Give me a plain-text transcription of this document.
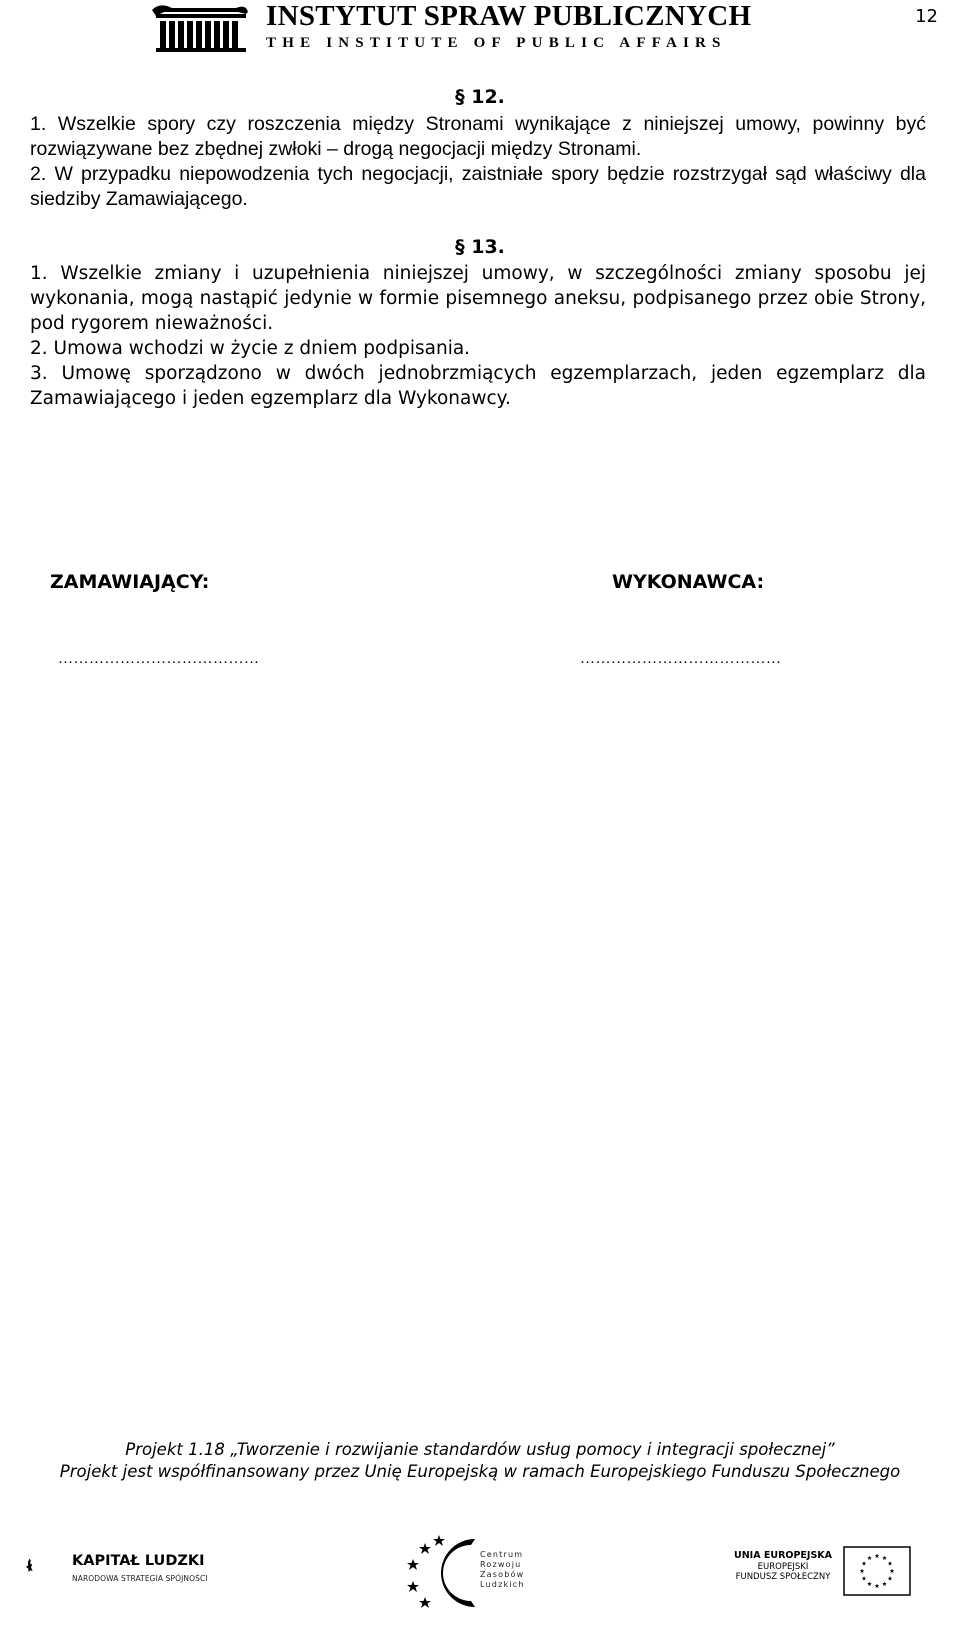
INSTYTUT SPRAW PUBLICZNYCH
THE INSTITUTE OF PUBLIC AFFAIRS
12
§ 12.
1. Wszelkie spory czy roszczenia między Stronami wynikające z niniejszej umowy, powinny być rozwiązywane bez zbędnej zwłoki – drogą negocjacji między Stronami.
2. W przypadku niepowodzenia tych negocjacji, zaistniałe spory będzie rozstrzygał sąd właściwy dla siedziby Zamawiającego.
§ 13.
1. Wszelkie zmiany i uzupełnienia niniejszej umowy, w szczególności zmiany sposobu jej wykonania, mogą nastąpić jedynie w formie pisemnego aneksu, podpisanego przez obie Strony, pod rygorem nieważności.
2. Umowa wchodzi w życie z dniem podpisania.
3. Umowę sporządzono w dwóch jednobrzmiących egzemplarzach, jeden egzemplarz dla Zamawiającego i jeden egzemplarz dla Wykonawcy.
ZAMAWIAJĄCY:	WYKONAWCA:
…………………………………	…………………………………
Projekt 1.18 „Tworzenie i rozwijanie standardów usług pomocy i integracji społecznej”
Projekt jest współfinansowany przez Unię Europejską w ramach Europejskiego Funduszu Społecznego
KAPITAŁ LUDZKI
NARODOWA STRATEGIA SPÓJNOŚCI
Centrum
Rozwoju
Zasobów
Ludzkich
UNIA EUROPEJSKA
EUROPEJSKI
FUNDUSZ SPOŁECZNY
